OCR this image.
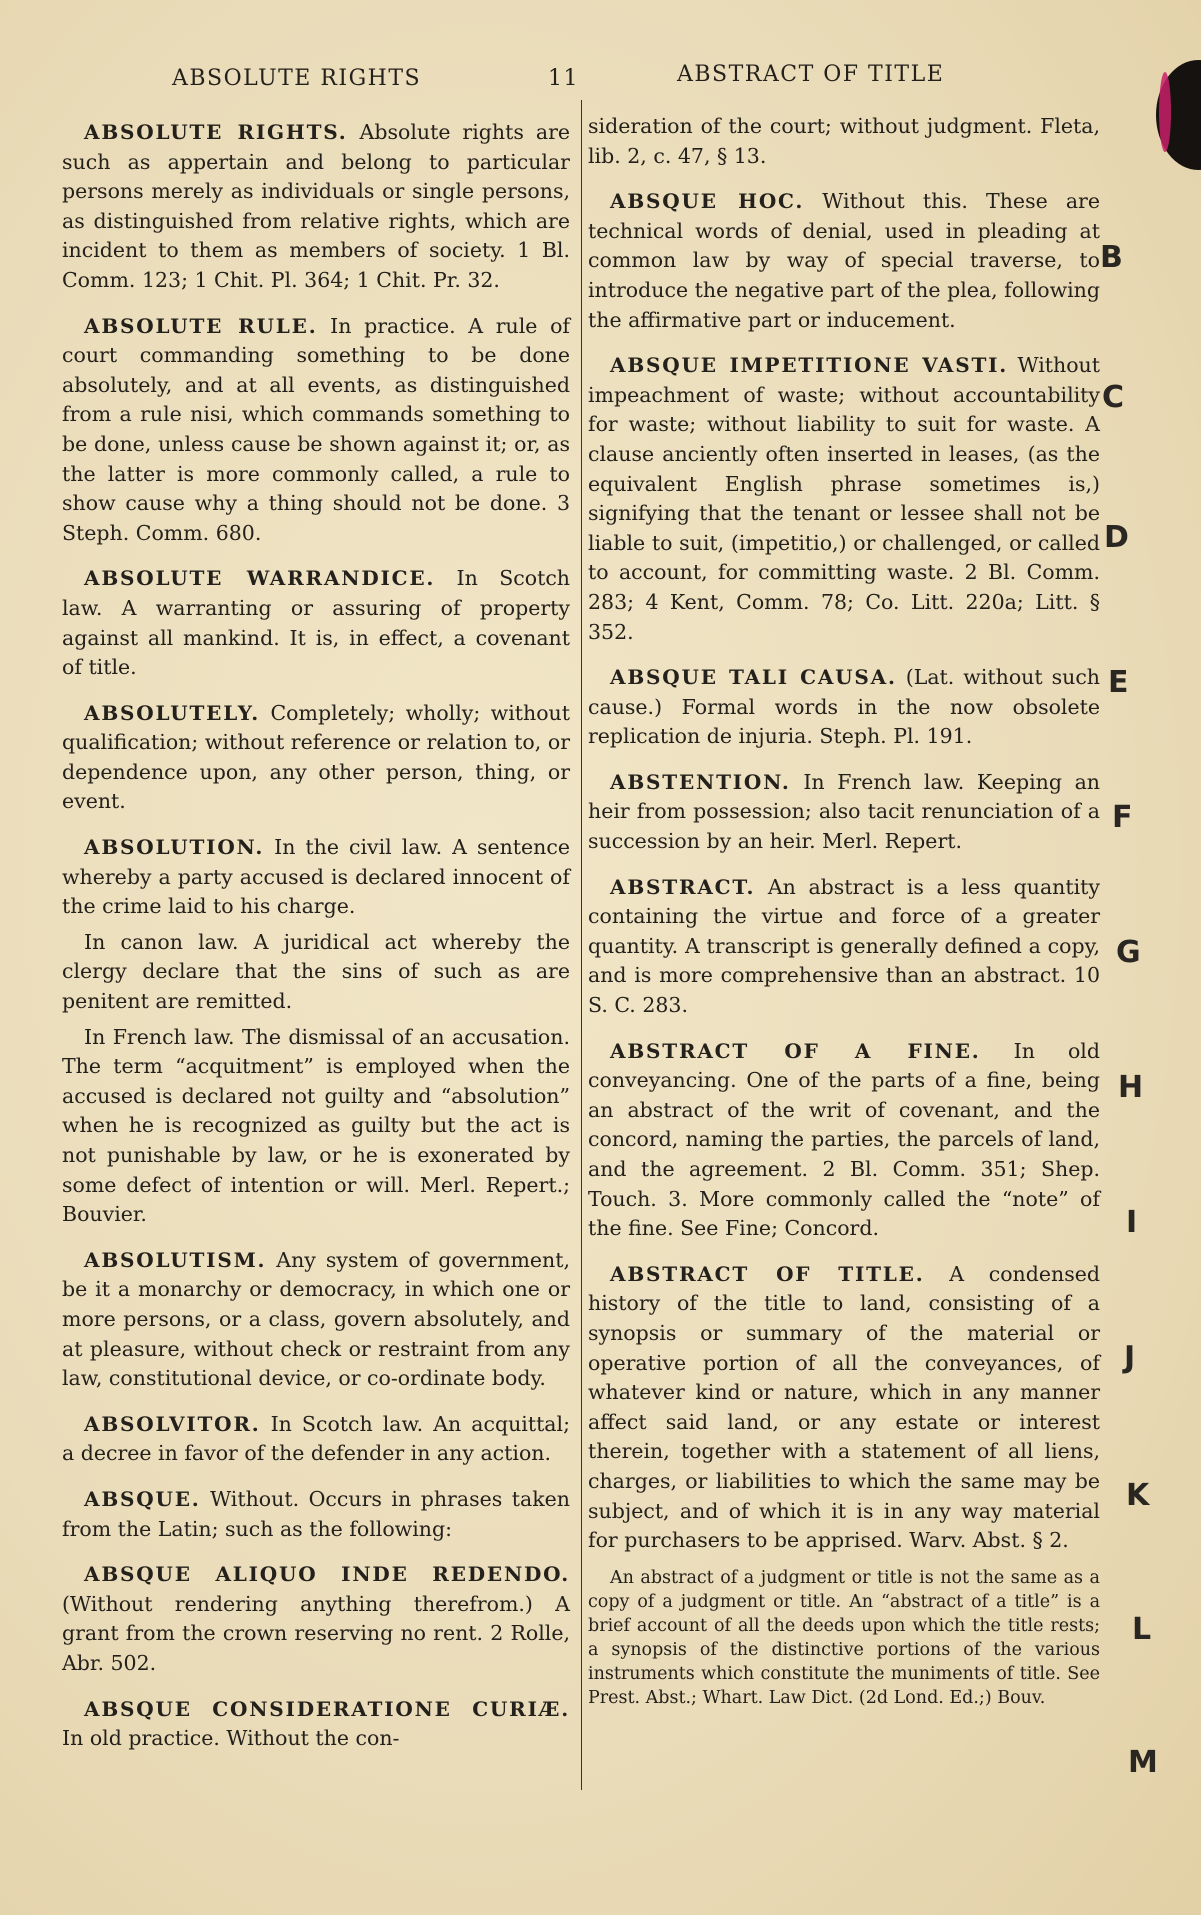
ABSOLUTE RIGHTS	11	ABSTRACT OF TITLE

ABSOLUTE RIGHTS. Absolute rights are such as appertain and belong to particular persons merely as individuals or single persons, as distinguished from relative rights, which are incident to them as members of society. 1 Bl. Comm. 123; 1 Chit. Pl. 364; 1 Chit. Pr. 32.

ABSOLUTE RULE. In practice. A rule of court commanding something to be done absolutely, and at all events, as distinguished from a rule nisi, which commands something to be done, unless cause be shown against it; or, as the latter is more commonly called, a rule to show cause why a thing should not be done. 3 Steph. Comm. 680.

ABSOLUTE WARRANDICE. In Scotch law. A warranting or assuring of property against all mankind. It is, in effect, a covenant of title.

ABSOLUTELY. Completely; wholly; without qualification; without reference or relation to, or dependence upon, any other person, thing, or event.

ABSOLUTION. In the civil law. A sentence whereby a party accused is declared innocent of the crime laid to his charge.

In canon law. A juridical act whereby the clergy declare that the sins of such as are penitent are remitted.

In French law. The dismissal of an accusation. The term “acquitment” is employed when the accused is declared not guilty and “absolution” when he is recognized as guilty but the act is not punishable by law, or he is exonerated by some defect of intention or will. Merl. Repert.; Bouvier.

ABSOLUTISM. Any system of government, be it a monarchy or democracy, in which one or more persons, or a class, govern absolutely, and at pleasure, without check or restraint from any law, constitutional device, or co-ordinate body.

ABSOLVITOR. In Scotch law. An acquittal; a decree in favor of the defender in any action.

ABSQUE. Without. Occurs in phrases taken from the Latin; such as the following:

ABSQUE ALIQUO INDE REDENDO. (Without rendering anything therefrom.) A grant from the crown reserving no rent. 2 Rolle, Abr. 502.

ABSQUE CONSIDERATIONE CURIÆ. In old practice. Without the con-

sideration of the court; without judgment. Fleta, lib. 2, c. 47, § 13.

ABSQUE HOC. Without this. These are technical words of denial, used in pleading at common law by way of special traverse, to introduce the negative part of the plea, following the affirmative part or inducement.

ABSQUE IMPETITIONE VASTI. Without impeachment of waste; without accountability for waste; without liability to suit for waste. A clause anciently often inserted in leases, (as the equivalent English phrase sometimes is,) signifying that the tenant or lessee shall not be liable to suit, (impetitio,) or challenged, or called to account, for committing waste. 2 Bl. Comm. 283; 4 Kent, Comm. 78; Co. Litt. 220a; Litt. § 352.

ABSQUE TALI CAUSA. (Lat. without such cause.) Formal words in the now obsolete replication de injuria. Steph. Pl. 191.

ABSTENTION. In French law. Keeping an heir from possession; also tacit renunciation of a succession by an heir. Merl. Repert.

ABSTRACT. An abstract is a less quantity containing the virtue and force of a greater quantity. A transcript is generally defined a copy, and is more comprehensive than an abstract. 10 S. C. 283.

ABSTRACT OF A FINE. In old conveyancing. One of the parts of a fine, being an abstract of the writ of covenant, and the concord, naming the parties, the parcels of land, and the agreement. 2 Bl. Comm. 351; Shep. Touch. 3. More commonly called the “note” of the fine. See Fine; Concord.

ABSTRACT OF TITLE. A condensed history of the title to land, consisting of a synopsis or summary of the material or operative portion of all the conveyances, of whatever kind or nature, which in any manner affect said land, or any estate or interest therein, together with a statement of all liens, charges, or liabilities to which the same may be subject, and of which it is in any way material for purchasers to be apprised. Warv. Abst. § 2.

An abstract of a judgment or title is not the same as a copy of a judgment or title. An “abstract of a title” is a brief account of all the deeds upon which the title rests; a synopsis of the distinctive portions of the various instruments which constitute the muniments of title. See Prest. Abst.; Whart. Law Dict. (2d Lond. Ed.;) Bouv.

B
C
D
E
F
G
H
I
J
K
L
M
